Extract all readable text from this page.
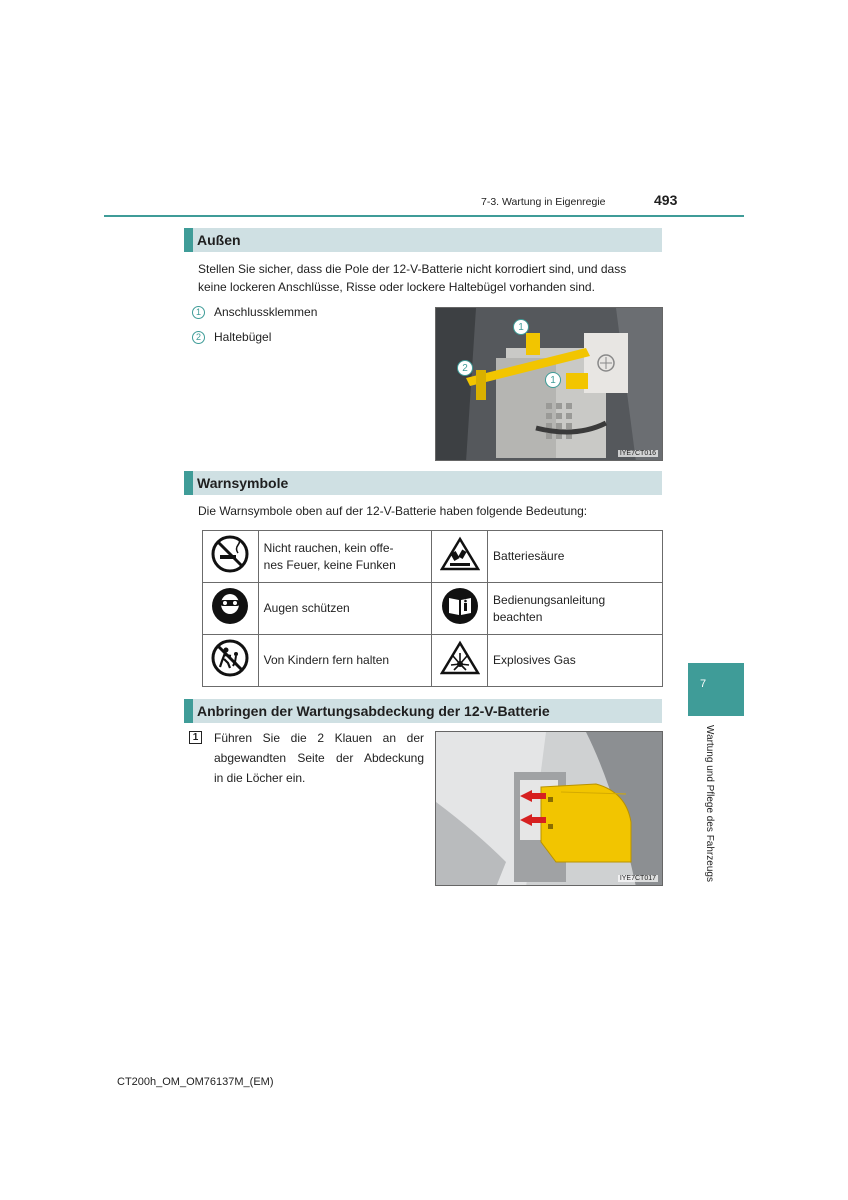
7-3. Wartung in Eigenregie	493
Außen
Stellen Sie sicher, dass die Pole der 12-V-Batterie nicht korrodiert sind, und dass
keine lockeren Anschlüsse, Risse oder lockere Haltebügel vorhanden sind.
1	Anschlussklemmen
2	Haltebügel
1
2
1
IYE7CT016
Warnsymbole
Die Warnsymbole oben auf der 12-V-Batterie haben folgende Bedeutung:

Nicht rauchen, kein offe-
nes Feuer, keine Funken		Batteriesäure

Augen schützen		Bedienungsanleitung
beachten

Von Kindern fern halten		Explosives Gas
Anbringen der Wartungsabdeckung der 12-V-Batterie
1	Führen Sie die 2 Klauen an der
abgewandten Seite der Abdeckung
in die Löcher ein.
IYE7CT017
7
Wartung und Pflege des Fahrzeugs
CT200h_OM_OM76137M_(EM)
